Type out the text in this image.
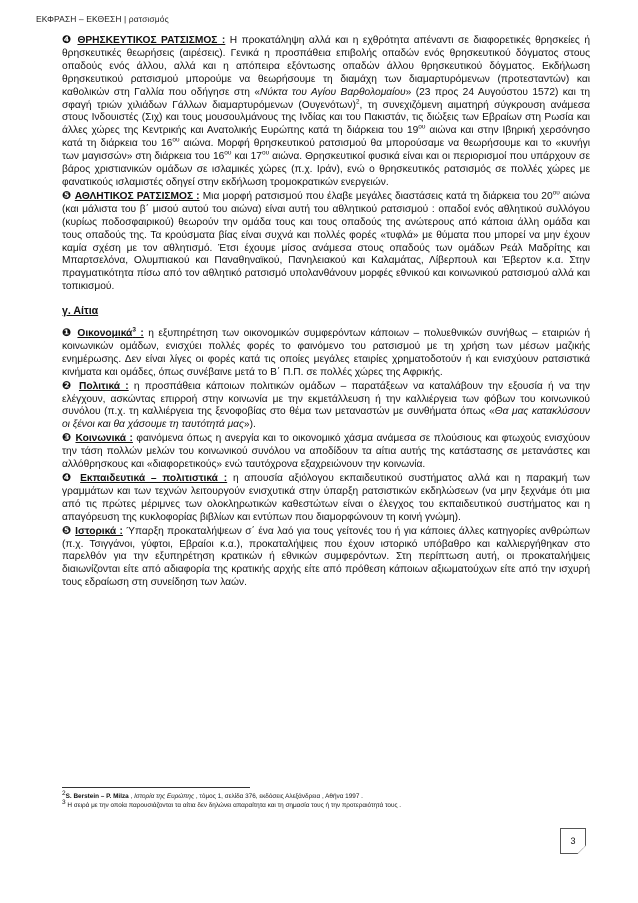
ΕΚΦΡΑΣΗ – ΕΚΘΕΣΗ | ρατσισμός

❹ ΘΡΗΣΚΕΥΤΙΚΟΣ ΡΑΤΣΙΣΜΟΣ : Η προκατάληψη αλλά και η εχθρότητα απέναντι σε διαφορετικές θρησκείες ή θρησκευτικές θεωρήσεις (αιρέσεις). Γενικά η προσπάθεια επιβολής οπαδών ενός θρησκευτικού δόγματος στους οπαδούς ενός άλλου, αλλά και η απόπειρα εξόντωσης οπαδών άλλου θρησκευτικού δόγματος. Εκδήλωση θρησκευτικού ρατσισμού μπορούμε να θεωρήσουμε τη διαμάχη των διαμαρτυρόμενων (προτεσταντών) και καθολικών στη Γαλλία που οδήγησε στη «Νύκτα του Αγίου Βαρθολομαίου» (23 προς 24 Αυγούστου 1572) και τη σφαγή τριών χιλιάδων Γάλλων διαμαρτυρόμενων $(O\upsilon\gamma\varepsilon\nu ό\tau\omega\nu)^2$, τη συνεχιζόμενη αιματηρή σύγκρουση ανάμεσα στους Ινδουιστές (Σιχ) και τους μουσουλμάνους της Ινδίας και του Πακιστάν, τις διώξεις των Εβραίων στη Ρωσία και άλλες χώρες της Κεντρικής και Ανατολικής Ευρώπης κατά τη διάρκεια του $19^{o\upsilon}$ αιώνα και στην Ιβηρική χερσόνησο κατά τη διάρκεια του $16^{o\upsilon}$ αιώνα. Μορφή θρησκευτικού ρατσισμού θα μπορούσαμε να θεωρήσουμε και το «κυνήγι των μαγισσών» στη διάρκεια του $16^{o\upsilon}$ και $17^{o\upsilon}$ αιώνα. Θρησκευτικοί φυσικά είναι και οι περιορισμοί που υπάρχουν σε βάρος χριστιανικών ομάδων σε ισλαμικές χώρες (π.χ. Ιράν), ενώ ο θρησκευτικός ρατσισμός σε πολλές χώρες με φανατικούς ισλαμιστές οδηγεί στην εκδήλωση τρομοκρατικών ενεργειών.

❺ ΑΘΛΗΤΙΚΟΣ ΡΑΤΣΙΣΜΟΣ : Μια μορφή ρατσισμού που έλαβε μεγάλες διαστάσεις κατά τη διάρκεια του $20^{o\upsilon}$ αιώνα (και μάλιστα του β΄ μισού αυτού του αιώνα) είναι αυτή του αθλητικού ρατσισμού : οπαδοί ενός αθλητικού συλλόγου (κυρίως ποδοσφαιρικού) θεωρούν την ομάδα τους και τους οπαδούς της ανώτερους από κάποια άλλη ομάδα και τους οπαδούς της. Τα κρούσματα βίας είναι συχνά και πολλές φορές «τυφλά» με θύματα που μπορεί να μην έχουν καμία σχέση με τον αθλητισμό. Έτσι έχουμε μίσος ανάμεσα στους οπαδούς των ομάδων Ρεάλ Μαδρίτης και Μπαρτσελόνα, Ολυμπιακού και Παναθηναϊκού, Πανηλειακού και Καλαμάτας, Λίβερπουλ και Έβερτον κ.α. Στην πραγματικότητα πίσω από τον αθλητικό ρατσισμό υπολανθάνουν μορφές εθνικού και κοινωνικού ρατσισμού αλλά και τοπικισμού.

γ. Αίτια

❶ Οικονομικά$^3$ : η εξυπηρέτηση των οικονομικών συμφερόντων κάποιων – πολυεθνικών συνήθως – εταιριών ή κοινωνικών ομάδων, ενισχύει πολλές φορές το φαινόμενο του ρατσισμού με τη χρήση των μέσων μαζικής ενημέρωσης. Δεν είναι λίγες οι φορές κατά τις οποίες μεγάλες εταιρίες χρηματοδοτούν ή και ενισχύουν ρατσιστικά κινήματα και ομάδες, όπως συνέβαινε μετά το Β΄ Π.Π. σε πολλές χώρες της Αφρικής.

❷ Πολιτικά : η προσπάθεια κάποιων πολιτικών ομάδων – παρατάξεων να καταλάβουν την εξουσία ή να την ελέγχουν, ασκώντας επιρροή στην κοινωνία με την εκμετάλλευση ή την καλλιέργεια των φόβων του κοινωνικού συνόλου (π.χ. τη καλλιέργεια της ξενοφοβίας στο θέμα των μεταναστών με συνθήματα όπως «Θα μας κατακλύσουν οι ξένοι και θα χάσουμε τη ταυτότητά μας»).

❸ Κοινωνικά : φαινόμενα όπως η ανεργία και το οικονομικό χάσμα ανάμεσα σε πλούσιους και φτωχούς ενισχύουν την τάση πολλών μελών του κοινωνικού συνόλου να αποδίδουν τα αίτια αυτής της κατάστασης σε μετανάστες και αλλόθρησκους και «διαφορετικούς» ενώ ταυτόχρονα εξαχρειώνουν την κοινωνία.

❹ Εκπαιδευτικά – πολιτιστικά : η απουσία αξιόλογου εκπαιδευτικού συστήματος αλλά και η παρακμή των γραμμάτων και των τεχνών λειτουργούν ενισχυτικά στην ύπαρξη ρατσιστικών εκδηλώσεων (να μην ξεχνάμε ότι μια από τις πρώτες μέριμνες των ολοκληρωτικών καθεστώτων είναι ο έλεγχος του εκπαιδευτικού συστήματος και η απαγόρευση της κυκλοφορίας βιβλίων και εντύπων που διαμορφώνουν τη κοινή γνώμη).

❺ Ιστορικά : Ύπαρξη προκαταλήψεων σ΄ ένα λαό για τους γείτονές του ή για κάποιες άλλες κατηγορίες ανθρώπων (π.χ. Τσιγγάνοι, γύφτοι, Εβραίοι κ.α.), προκαταλήψεις που έχουν ιστορικό υπόβαθρο και καλλιεργήθηκαν στο παρελθόν για την εξυπηρέτηση κρατικών ή εθνικών συμφερόντων. Στη περίπτωση αυτή, οι προκαταλήψεις διαιωνίζονται είτε από αδιαφορία της κρατικής αρχής είτε από πρόθεση κάποιων αξιωματούχων είτε από την ισχυρή τους εδραίωση στη συνείδηση των λαών.

$^2$S. Berstein – P. Milza , Ιστορία της Ευρώπης , τόμος 1, σελίδα 376, εκδόσεις Αλεξάνδρεια , Αθήνα 1997 .
$^3$ Η σειρά με την οποία παρουσιάζονται τα αίτια δεν δηλώνει απαραίτητα και τη σημασία τους ή την προτεραιότητά τους .
3
